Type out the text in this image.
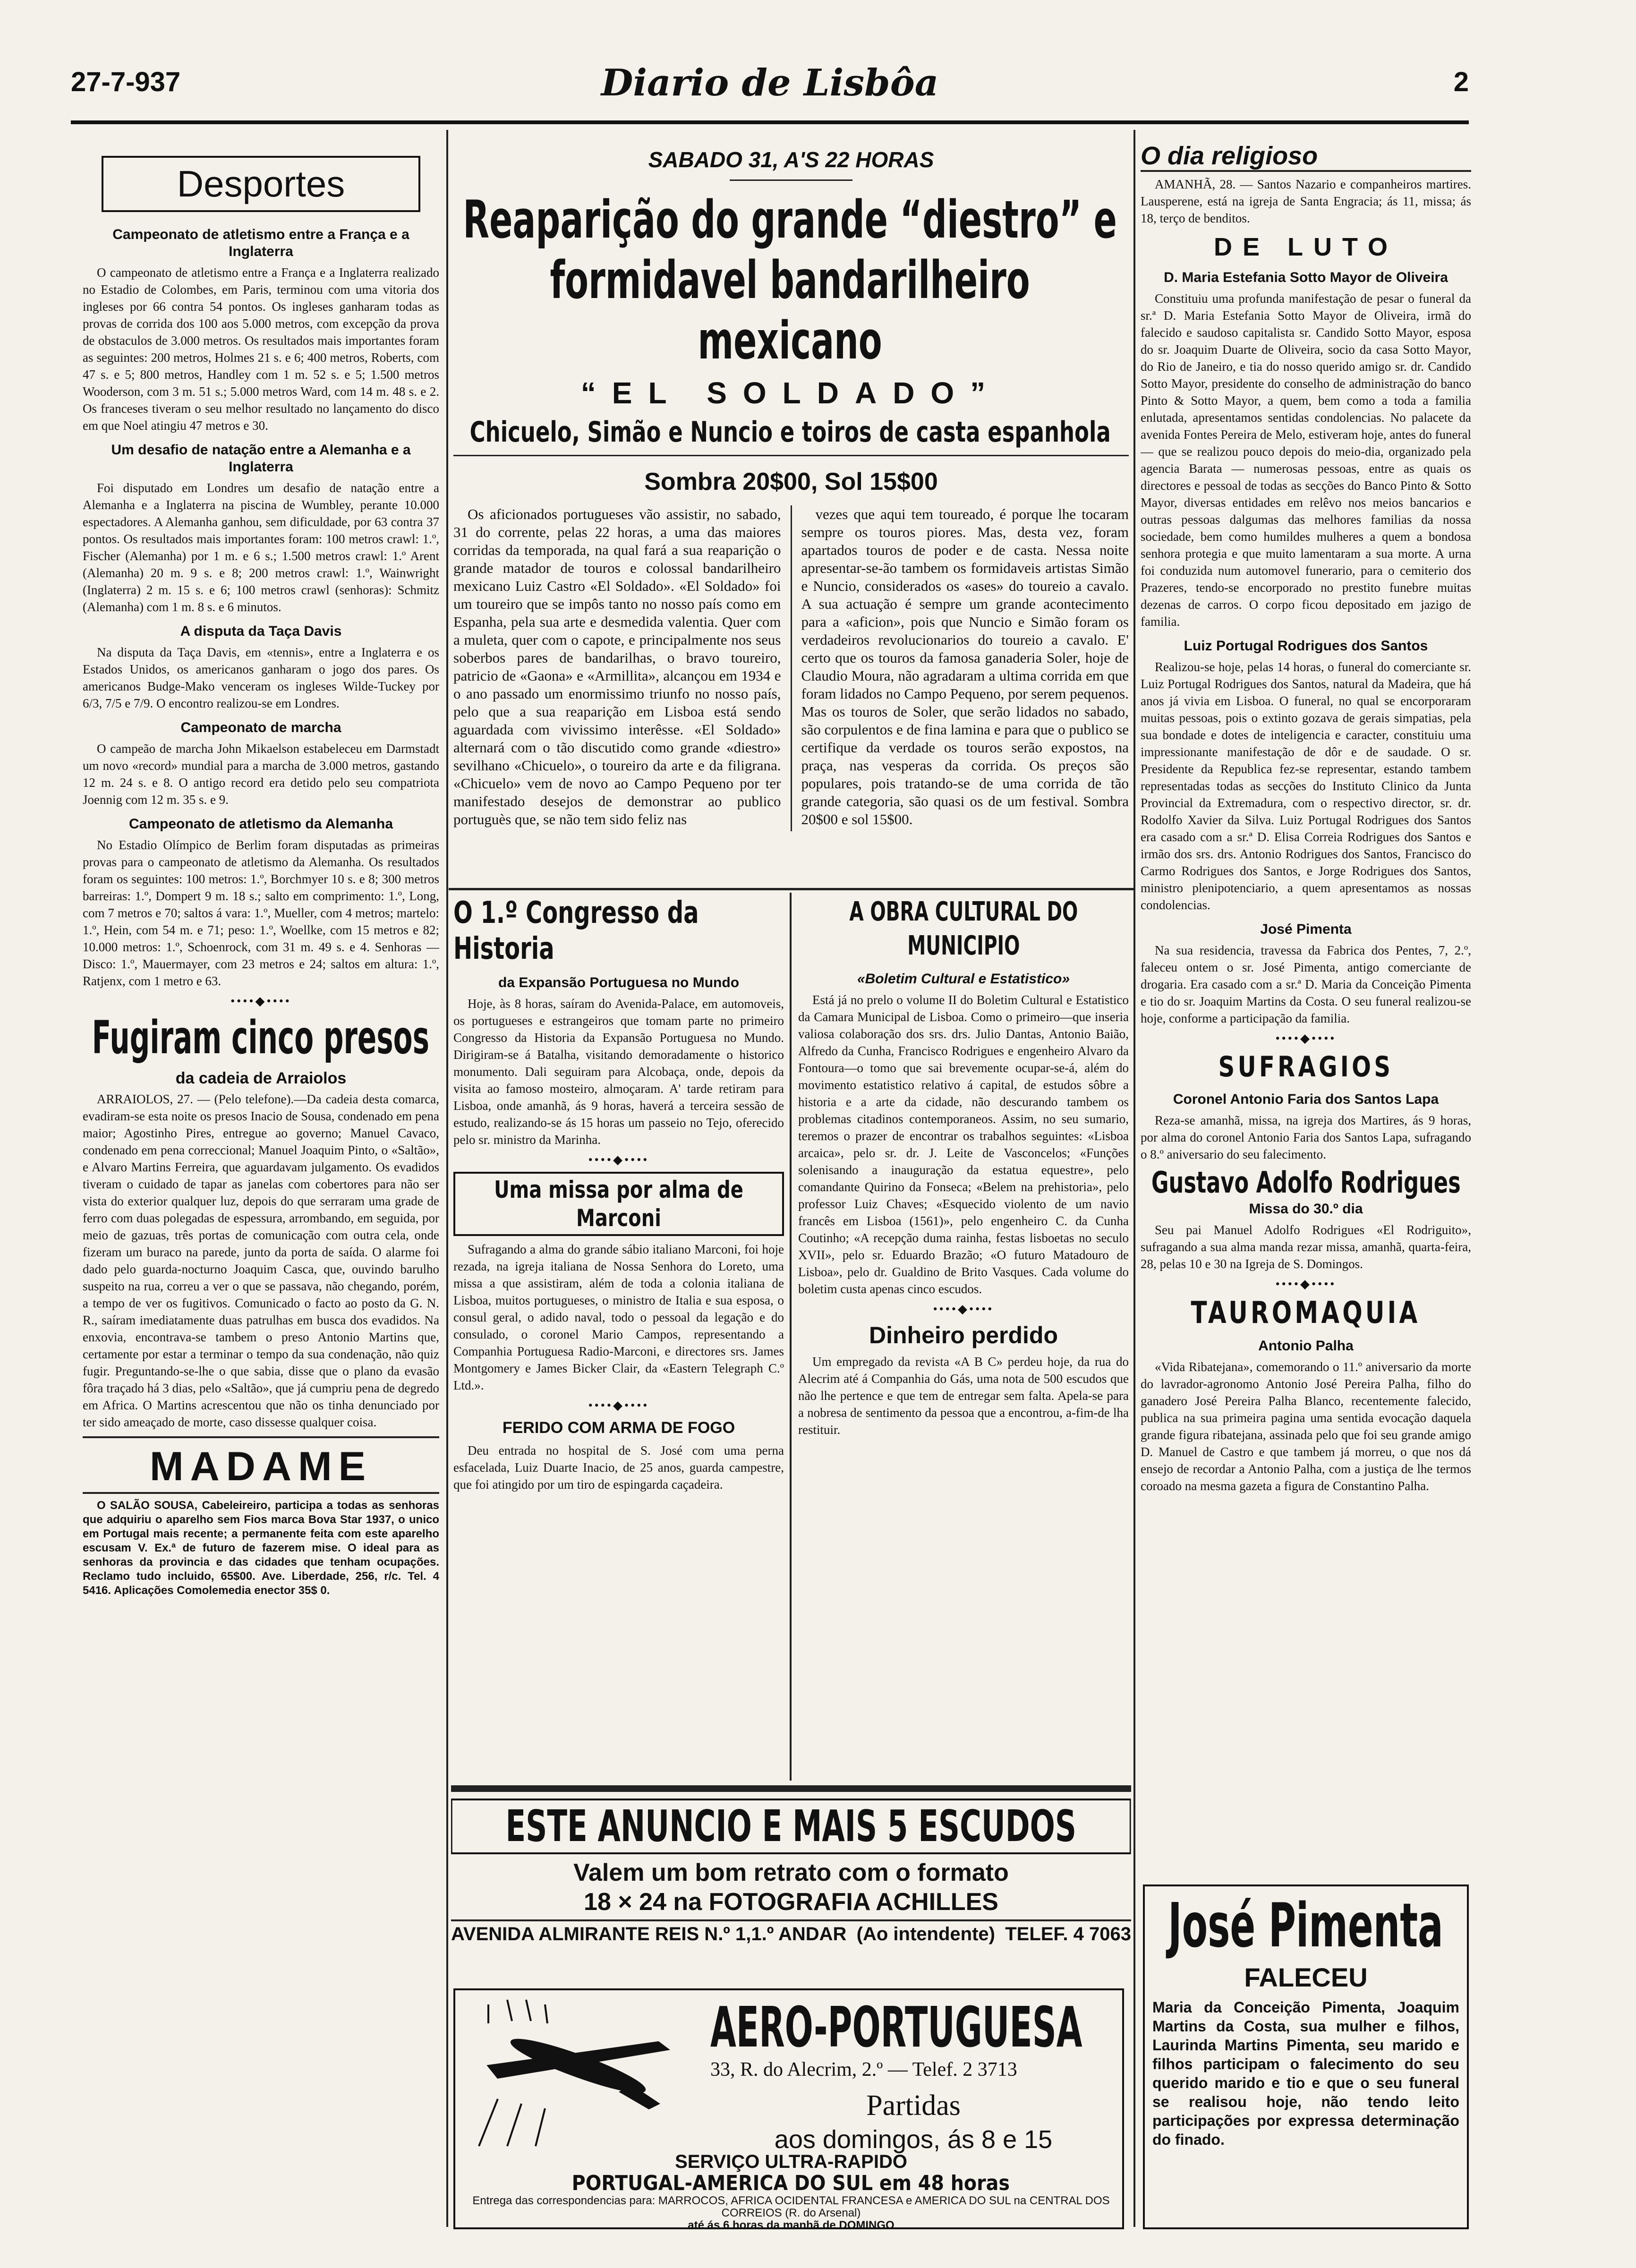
27-7-937	Diario de Lisbôa	2
Desportes
Campeonato de atletismo entre a França e a Inglaterra

O campeonato de atletismo entre a França e a Inglaterra realizado no Estadio de Colombes, em Paris, terminou com uma vitoria dos ingleses por 66 contra 54 pontos. Os ingleses ganharam todas as provas de corrida dos 100 aos 5.000 metros, com excepção da prova de obstaculos de 3.000 metros. Os resultados mais importantes foram as seguintes: 200 metros, Holmes 21 s. e 6; 400 metros, Roberts, com 47 s. e 5; 800 metros, Handley com 1 m. 52 s. e 5; 1.500 metros Wooderson, com 3 m. 51 s.; 5.000 metros Ward, com 14 m. 48 s. e 2. Os franceses tiveram o seu melhor resultado no lançamento do disco em que Noel atingiu 47 metros e 30.

Um desafio de natação entre a Alemanha e a Inglaterra

Foi disputado em Londres um desafio de natação entre a Alemanha e a Inglaterra na piscina de Wumbley, perante 10.000 espectadores. A Alemanha ganhou, sem dificuldade, por 63 contra 37 pontos. Os resultados mais importantes foram: 100 metros crawl: 1.º, Fischer (Alemanha) por 1 m. e 6 s.; 1.500 metros crawl: 1.º Arent (Alemanha) 20 m. 9 s. e 8; 200 metros crawl: 1.º, Wainwright (Inglaterra) 2 m. 15 s. e 6; 100 metros crawl (senhoras): Schmitz (Alemanha) com 1 m. 8 s. e 6 minutos.

A disputa da Taça Davis

Na disputa da Taça Davis, em «tennis», entre a Inglaterra e os Estados Unidos, os americanos ganharam o jogo dos pares. Os americanos Budge-Mako venceram os ingleses Wilde-Tuckey por 6/3, 7/5 e 7/9. O encontro realizou-se em Londres.

Campeonato de marcha

O campeão de marcha John Mikaelson estabeleceu em Darmstadt um novo «record» mundial para a marcha de 3.000 metros, gastando 12 m. 24 s. e 8. O antigo record era detido pelo seu compatriota Joennig com 12 m. 35 s. e 9.

Campeonato de atletismo da Alemanha

No Estadio Olímpico de Berlim foram disputadas as primeiras provas para o campeonato de atletismo da Alemanha. Os resultados foram os seguintes: 100 metros: 1.º, Borchmyer 10 s. e 8; 300 metros barreiras: 1.º, Dompert 9 m. 18 s.; salto em comprimento: 1.º, Long, com 7 metros e 70; saltos á vara: 1.º, Mueller, com 4 metros; martelo: 1.º, Hein, com 54 m. e 71; peso: 1.º, Woellke, com 15 metros e 82; 10.000 metros: 1.º, Schoenrock, com 31 m. 49 s. e 4. Senhoras — Disco: 1.º, Mauermayer, com 23 metros e 24; saltos em altura: 1.º, Ratjenx, com 1 metro e 63.

••••◆••••
Fugiram cinco presos
da cadeia de Arraiolos

ARRAIOLOS, 27. — (Pelo telefone).—Da cadeia desta comarca, evadiram-se esta noite os presos Inacio de Sousa, condenado em pena maior; Agostinho Pires, entregue ao governo; Manuel Cavaco, condenado em pena correccional; Manuel Joaquim Pinto, o «Saltão», e Alvaro Martins Ferreira, que aguardavam julgamento. Os evadidos tiveram o cuidado de tapar as janelas com cobertores para não ser vista do exterior qualquer luz, depois do que serraram uma grade de ferro com duas polegadas de espessura, arrombando, em seguida, por meio de gazuas, três portas de comunicação com outra cela, onde fizeram um buraco na parede, junto da porta de saída. O alarme foi dado pelo guarda-nocturno Joaquim Casca, que, ouvindo barulho suspeito na rua, correu a ver o que se passava, não chegando, porém, a tempo de ver os fugitivos. Comunicado o facto ao posto da G. N. R., saíram imediatamente duas patrulhas em busca dos evadidos. Na enxovia, encontrava-se tambem o preso Antonio Martins que, certamente por estar a terminar o tempo da sua condenação, não quiz fugir. Preguntando-se-lhe o que sabia, disse que o plano da evasão fôra traçado há 3 dias, pelo «Saltão», que já cumpriu pena de degredo em Africa. O Martins acrescentou que não os tinha denunciado por ter sido ameaçado de morte, caso dissesse qualquer coisa.

MADAME

O SALÃO SOUSA, Cabeleireiro, participa a todas as senhoras que adquiriu o aparelho sem Fios marca Bova Star 1937, o unico em Portugal mais recente; a permanente feita com este aparelho escusam V. Ex.ª de futuro de fazerem mise. O ideal para as senhoras da provincia e das cidades que tenham ocupações. Reclamo tudo incluido, 65$00. Ave. Liberdade, 256, r/c. Tel. 4 5416. Aplicações Comolemedia enector 35$ 0.

SABADO 31, A'S 22 HORAS
Reaparição do grande “diestro” e formidavel bandarilheiro mexicano
“EL SOLDADO”
Chicuelo, Simão e Nuncio e toiros de casta espanhola
Sombra 20$00, Sol 15$00

Os aficionados portugueses vão assistir, no sabado, 31 do corrente, pelas 22 horas, a uma das maiores corridas da temporada, na qual fará a sua reaparição o grande matador de touros e colossal bandarilheiro mexicano Luiz Castro «El Soldado». «El Soldado» foi um toureiro que se impôs tanto no nosso país como em Espanha, pela sua arte e desmedida valentia. Quer com a muleta, quer com o capote, e principalmente nos seus soberbos pares de bandarilhas, o bravo toureiro, patricio de «Gaona» e «Armillita», alcançou em 1934 e o ano passado um enormissimo triunfo no nosso país, pelo que a sua reaparição em Lisboa está sendo aguardada com vivissimo interêsse. «El Soldado» alternará com o tão discutido como grande «diestro» sevilhano «Chicuelo», o toureiro da arte e da filigrana. «Chicuelo» vem de novo ao Campo Pequeno por ter manifestado desejos de demonstrar ao publico portuguès que, se não tem sido feliz nas

vezes que aqui tem toureado, é porque lhe tocaram sempre os touros piores. Mas, desta vez, foram apartados touros de poder e de casta. Nessa noite apresentar-se-ão tambem os formidaveis artistas Simão e Nuncio, considerados os «ases» do toureio a cavalo. A sua actuação é sempre um grande acontecimento para a «aficion», pois que Nuncio e Simão foram os verdadeiros revolucionarios do toureio a cavalo. E' certo que os touros da famosa ganaderia Soler, hoje de Claudio Moura, não agradaram a ultima corrida em que foram lidados no Campo Pequeno, por serem pequenos. Mas os touros de Soler, que serão lidados no sabado, são corpulentos e de fina lamina e para que o publico se certifique da verdade os touros serão expostos, na praça, nas vesperas da corrida. Os preços são populares, pois tratando-se de uma corrida de tão grande categoria, são quasi os de um festival. Sombra 20$00 e sol 15$00.

O 1.º Congresso da Historia
da Expansão Portuguesa no Mundo

Hoje, às 8 horas, saíram do Avenida-Palace, em automoveis, os portugueses e estrangeiros que tomam parte no primeiro Congresso da Historia da Expansão Portuguesa no Mundo. Dirigiram-se á Batalha, visitando demoradamente o historico monumento. Dali seguiram para Alcobaça, onde, depois da visita ao famoso mosteiro, almoçaram. A' tarde retiram para Lisboa, onde amanhã, ás 9 horas, haverá a terceira sessão de estudo, realizando-se ás 15 horas um passeio no Tejo, oferecido pelo sr. ministro da Marinha.

••••◆••••
Uma missa por alma de Marconi

Sufragando a alma do grande sábio italiano Marconi, foi hoje rezada, na igreja italiana de Nossa Senhora do Loreto, uma missa a que assistiram, além de toda a colonia italiana de Lisboa, muitos portugueses, o ministro de Italia e sua esposa, o consul geral, o adido naval, todo o pessoal da legação e do consulado, o coronel Mario Campos, representando a Companhia Portuguesa Radio-Marconi, e directores srs. James Montgomery e James Bicker Clair, da «Eastern Telegraph C.º Ltd.».

••••◆••••
FERIDO COM ARMA DE FOGO

Deu entrada no hospital de S. José com uma perna esfacelada, Luiz Duarte Inacio, de 25 anos, guarda campestre, que foi atingido por um tiro de espingarda caçadeira.

A OBRA CULTURAL DO MUNICIPIO
«Boletim Cultural e Estatistico»

Está já no prelo o volume II do Boletim Cultural e Estatistico da Camara Municipal de Lisboa. Como o primeiro—que inseria valiosa colaboração dos srs. drs. Julio Dantas, Antonio Baião, Alfredo da Cunha, Francisco Rodrigues e engenheiro Alvaro da Fontoura—o tomo que sai brevemente ocupar-se-á, além do movimento estatistico relativo á capital, de estudos sôbre a historia e a arte da cidade, não descurando tambem os problemas citadinos contemporaneos. Assim, no seu sumario, teremos o prazer de encontrar os trabalhos seguintes: «Lisboa arcaica», pelo sr. dr. J. Leite de Vasconcelos; «Funções solenisando a inauguração da estatua equestre», pelo comandante Quirino da Fonseca; «Belem na prehistoria», pelo professor Luiz Chaves; «Esquecido violento de um navio francês em Lisboa (1561)», pelo engenheiro C. da Cunha Coutinho; «A recepção duma rainha, festas lisboetas no seculo XVII», pelo sr. Eduardo Brazão; «O futuro Matadouro de Lisboa», pelo dr. Gualdino de Brito Vasques. Cada volume do boletim custa apenas cinco escudos.

••••◆••••
Dinheiro perdido

Um empregado da revista «A B C» perdeu hoje, da rua do Alecrim até á Companhia do Gás, uma nota de 500 escudos que não lhe pertence e que tem de entregar sem falta. Apela-se para a nobresa de sentimento da pessoa que a encontrou, a-fim-de lha restituir.

ESTE ANUNCIO E MAIS 5 ESCUDOS
Valem um bom retrato com o formato
18 × 24 na FOTOGRAFIA ACHILLES
AVENIDA ALMIRANTE REIS N.º 1,1.º ANDAR (Ao intendente) TELEF. 4 7063
AERO-PORTUGUESA
33, R. do Alecrim, 2.º — Telef. 2 3713
Partidas
aos domingos, ás 8 e 15
O dia religioso

AMANHÃ, 28. — Santos Nazario e companheiros martires. Lausperene, está na igreja de Santa Engracia; ás 11, missa; ás 18, terço de benditos.

DE LUTO
D. Maria Estefania Sotto Mayor de Oliveira

Constituiu uma profunda manifestação de pesar o funeral da sr.ª D. Maria Estefania Sotto Mayor de Oliveira, irmã do falecido e saudoso capitalista sr. Candido Sotto Mayor, esposa do sr. Joaquim Duarte de Oliveira, socio da casa Sotto Mayor, do Rio de Janeiro, e tia do nosso querido amigo sr. dr. Candido Sotto Mayor, presidente do conselho de administração do banco Pinto & Sotto Mayor, a quem, bem como a toda a familia enlutada, apresentamos sentidas condolencias. No palacete da avenida Fontes Pereira de Melo, estiveram hoje, antes do funeral — que se realizou pouco depois do meio-dia, organizado pela agencia Barata — numerosas pessoas, entre as quais os directores e pessoal de todas as secções do Banco Pinto & Sotto Mayor, diversas entidades em relêvo nos meios bancarios e outras pessoas dalgumas das melhores familias da nossa sociedade, bem como humildes mulheres a quem a bondosa senhora protegia e que muito lamentaram a sua morte. A urna foi conduzida num automovel funerario, para o cemiterio dos Prazeres, tendo-se encorporado no prestito funebre muitas dezenas de carros. O corpo ficou depositado em jazigo de familia.

Luiz Portugal Rodrigues dos Santos

Realizou-se hoje, pelas 14 horas, o funeral do comerciante sr. Luiz Portugal Rodrigues dos Santos, natural da Madeira, que há anos já vivia em Lisboa. O funeral, no qual se encorporaram muitas pessoas, pois o extinto gozava de gerais simpatias, pela sua bondade e dotes de inteligencia e caracter, constituiu uma impressionante manifestação de dôr e de saudade. O sr. Presidente da Republica fez-se representar, estando tambem representadas todas as secções do Instituto Clinico da Junta Provincial da Extremadura, com o respectivo director, sr. dr. Rodolfo Xavier da Silva. Luiz Portugal Rodrigues dos Santos era casado com a sr.ª D. Elisa Correia Rodrigues dos Santos e irmão dos srs. drs. Antonio Rodrigues dos Santos, Francisco do Carmo Rodrigues dos Santos, e Jorge Rodrigues dos Santos, ministro plenipotenciario, a quem apresentamos as nossas condolencias.

José Pimenta

Na sua residencia, travessa da Fabrica dos Pentes, 7, 2.º, faleceu ontem o sr. José Pimenta, antigo comerciante de drogaria. Era casado com a sr.ª D. Maria da Conceição Pimenta e tio do sr. Joaquim Martins da Costa. O seu funeral realizou-se hoje, conforme a participação da familia.

••••◆••••
SUFRAGIOS
Coronel Antonio Faria dos Santos Lapa

Reza-se amanhã, missa, na igreja dos Martires, ás 9 horas, por alma do coronel Antonio Faria dos Santos Lapa, sufragando o 8.º aniversario do seu falecimento.

Gustavo Adolfo Rodrigues
Missa do 30.º dia

Seu pai Manuel Adolfo Rodrigues «El Rodriguito», sufragando a sua alma manda rezar missa, amanhã, quarta-feira, 28, pelas 10 e 30 na Igreja de S. Domingos.

••••◆••••
TAUROMAQUIA
Antonio Palha

«Vida Ribatejana», comemorando o 11.º aniversario da morte do lavrador-agronomo Antonio José Pereira Palha, filho do ganadero José Pereira Palha Blanco, recentemente falecido, publica na sua primeira pagina uma sentida evocação daquela grande figura ribatejana, assinada pelo que foi seu grande amigo D. Manuel de Castro e que tambem já morreu, o que nos dá ensejo de recordar a Antonio Palha, com a justiça de lhe termos coroado na mesma gazeta a figura de Constantino Palha.

José Pimenta
FALECEU
Maria da Conceição Pimenta, Joaquim Martins da Costa, sua mulher e filhos, Laurinda Martins Pimenta, seu marido e filhos participam o falecimento do seu querido marido e tio e que o seu funeral se realisou hoje, não tendo leito participações por expressa determinação do finado.
SERVIÇO ULTRA-RAPIDO
PORTUGAL-AMERICA DO SUL em 48 horas
Entrega das correspondencias para: MARROCOS, AFRICA OCIDENTAL FRANCESA e AMERICA DO SUL na CENTRAL DOS CORREIOS (R. do Arsenal)
até ás 6 horas da manhã de DOMINGO
